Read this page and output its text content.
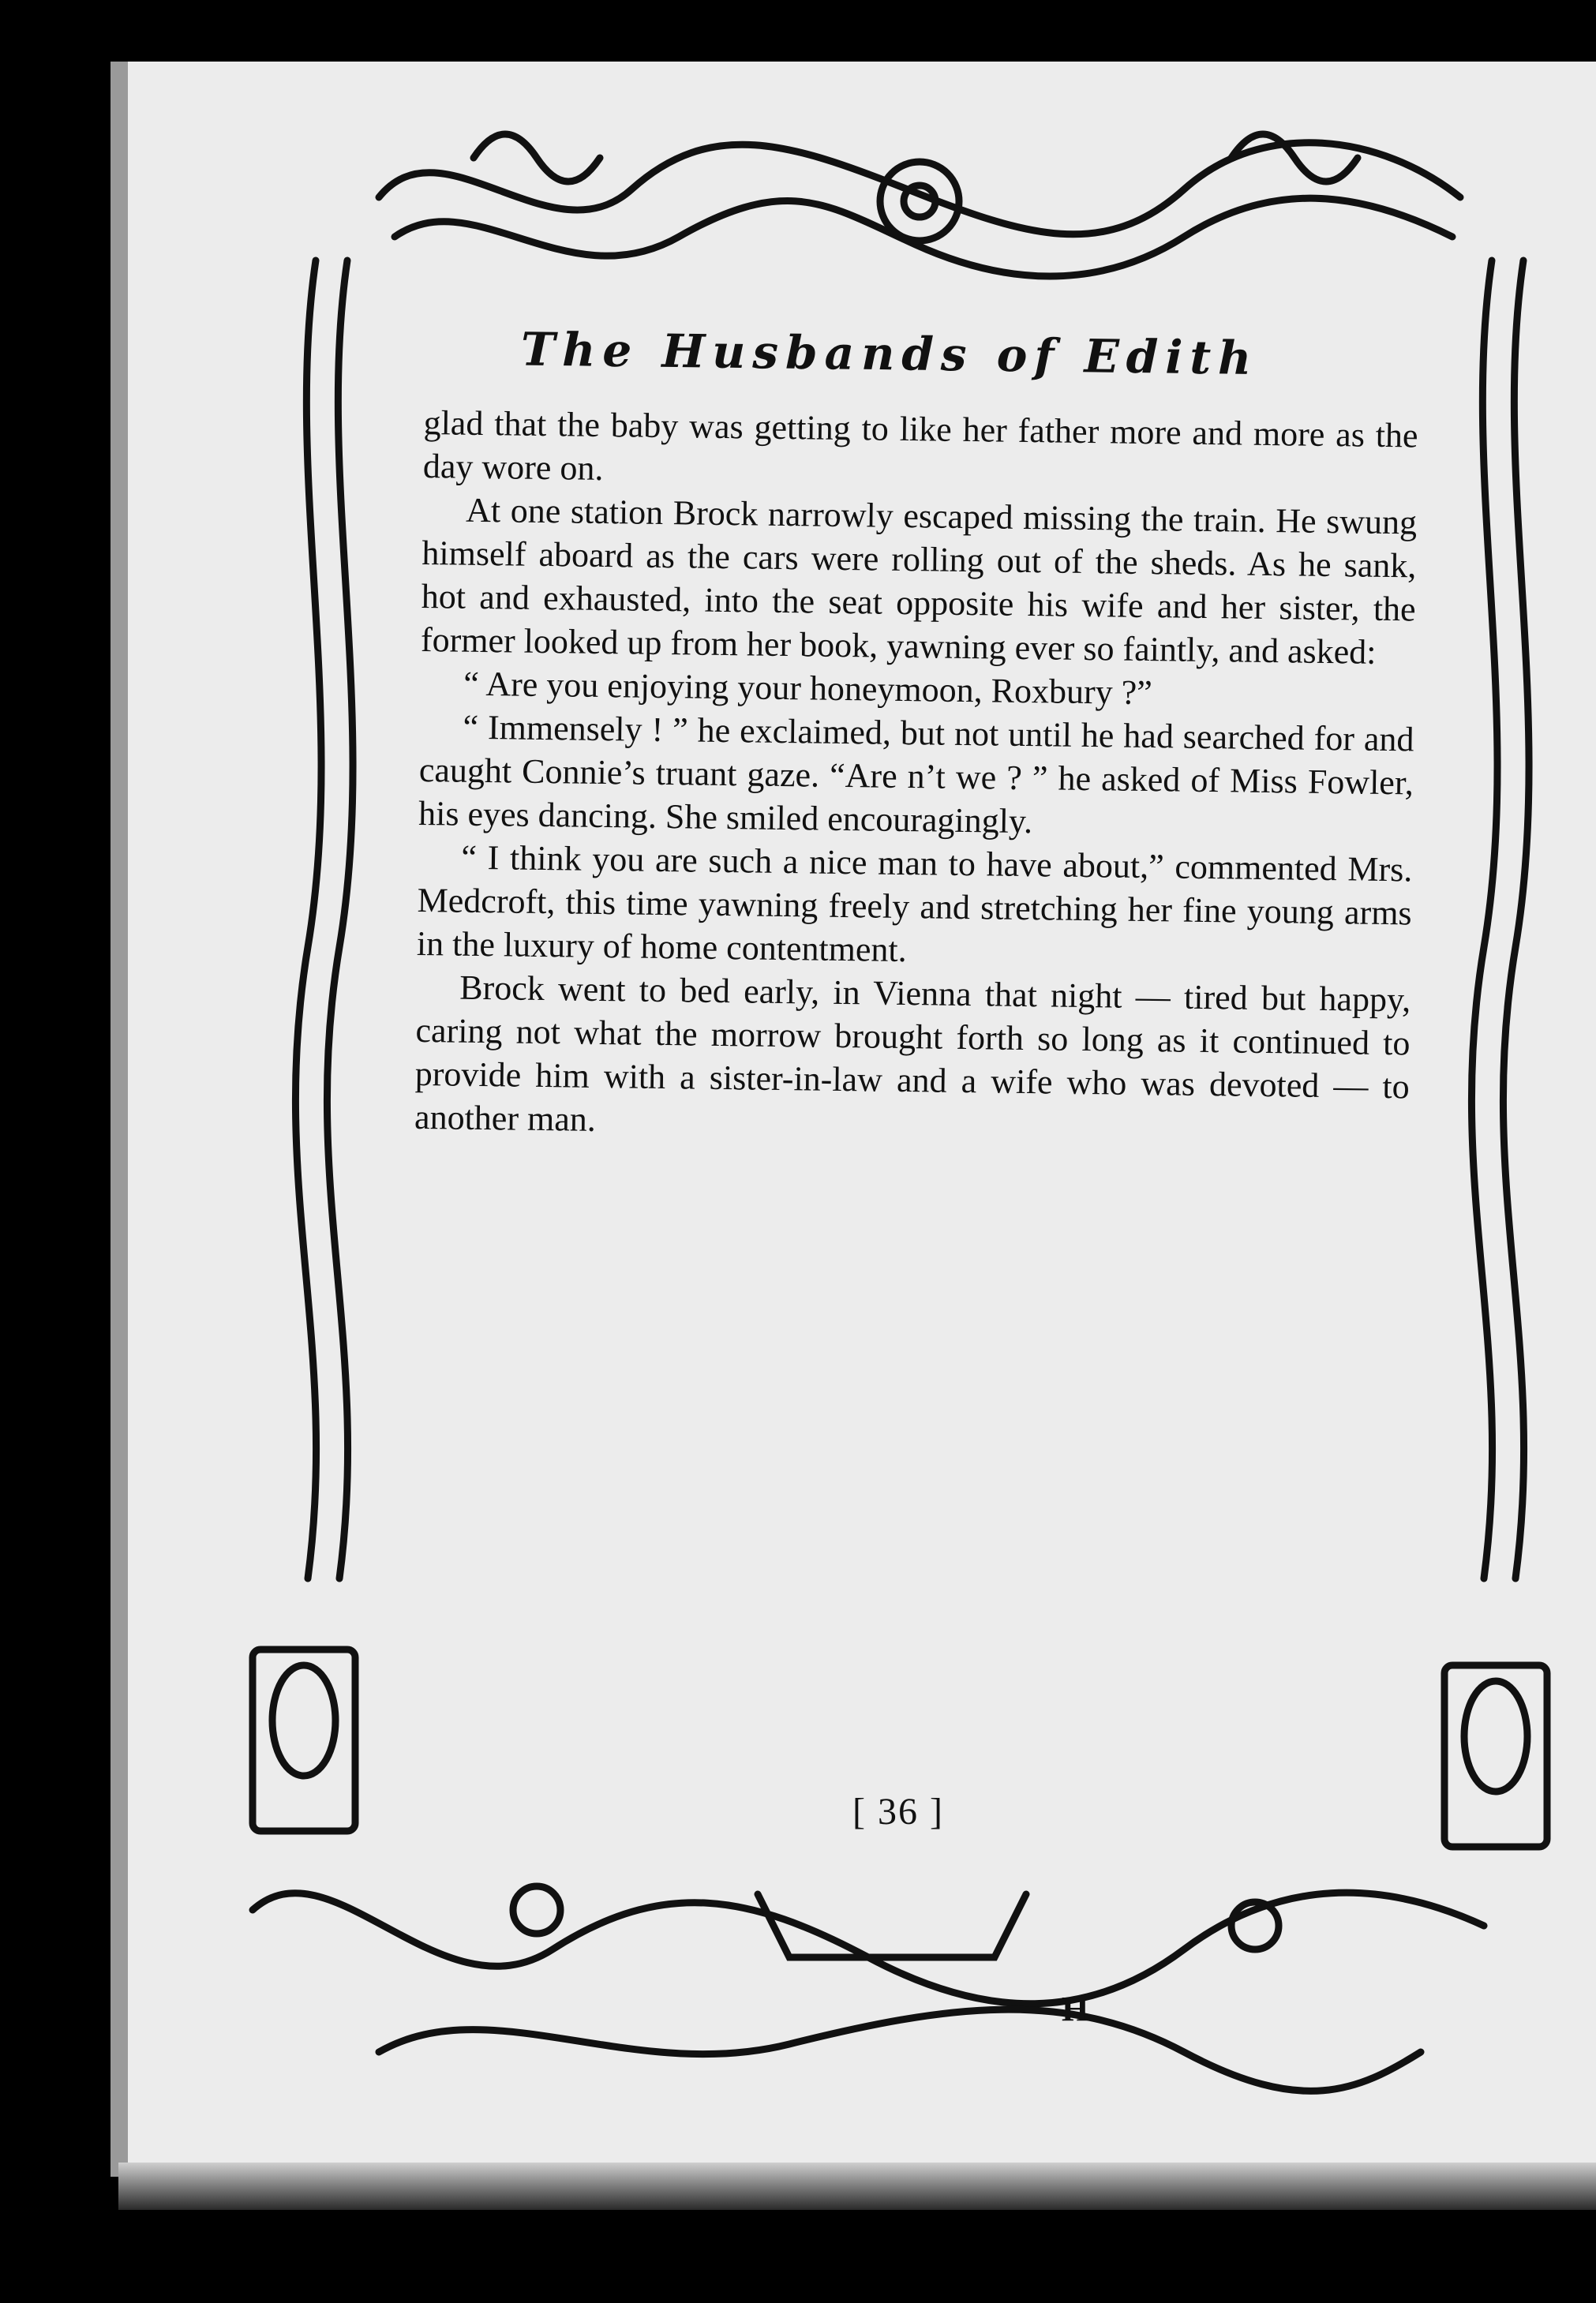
The Husbands of Edith

glad that the baby was getting to like her father more and more as the day wore on.

At one station Brock narrowly escaped missing the train. He swung himself aboard as the cars were rolling out of the sheds. As he sank, hot and exhausted, into the seat opposite his wife and her sister, the former looked up from her book, yawning ever so faintly, and asked:

“ Are you enjoying your honeymoon, Roxbury ?”

“ Immensely ! ” he exclaimed, but not until he had searched for and caught Connie’s truant gaze. “Are n’t we ? ” he asked of Miss Fowler, his eyes dancing. She smiled encouragingly.

“ I think you are such a nice man to have about,” commented Mrs. Medcroft, this time yawning freely and stretching her fine young arms in the luxury of home contentment.

Brock went to bed early, in Vienna that night — tired but happy, caring not what the morrow brought forth so long as it continued to provide him with a sister-in-law and a wife who was devoted — to another man.

[ 36 ]
H
